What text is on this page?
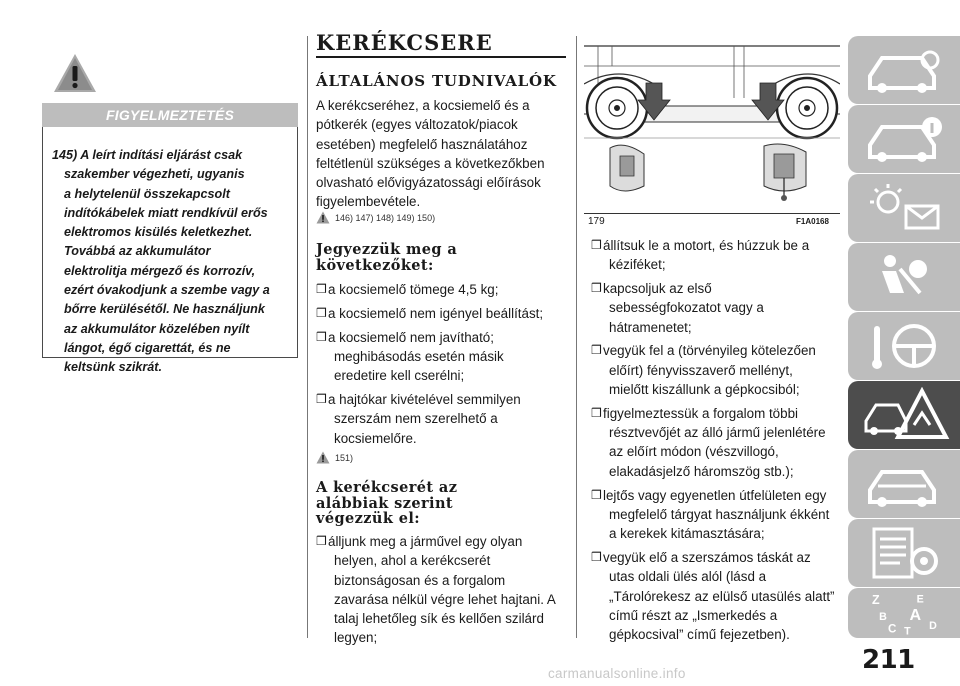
FIGYELMEZTETÉS
145) A leírt indítási eljárást csak
szakember végezheti, ugyanis
a helytelenül összekapcsolt
indítókábelek miatt rendkívül erős
elektromos kisülés keletkezhet.
Továbbá az akkumulátor
elektrolitja mérgező és korrozív,
ezért óvakodjunk a szembe vagy a
bőrre kerülésétől. Ne használjunk
az akkumulátor közelében nyílt
lángot, égő cigarettát, és ne
keltsünk szikrát.
KERÉKCSERE
ÁLTALÁNOS TUDNIVALÓK
A kerékcseréhez, a kocsiemelő és a
pótkerék (egyes változatok/piacok
esetében) megfelelő használatához
feltétlenül szükséges a következőkben
olvasható elővigyázatossági előírások
figyelembevétele.
146) 147) 148) 149) 150)
Jegyezzük meg a
következőket:
❒ a kocsiemelő tömege 4,5 kg;
❒ a kocsiemelő nem igényel beállítást;
❒ a kocsiemelő nem javítható;
meghibásodás esetén másik
eredetire kell cserélni;
❒ a hajtókar kivételével semmilyen
szerszám nem szerelhető a
kocsiemelőre.
151)
A kerékcserét az
alábbiak szerint
végezzük el:
❒ álljunk meg a járművel egy olyan
helyen, ahol a kerékcserét
biztonságosan és a forgalom
zavarása nélkül végre lehet hajtani. A
talaj lehetőleg sík és kellően szilárd
legyen;
179	F1A0168
❒ állítsuk le a motort, és húzzuk be a
kéziféket;
❒ kapcsoljuk az első
sebességfokozatot vagy a
hátramenetet;
❒ vegyük fel a (törvényileg kötelezően
előírt) fényvisszaverő mellényt,
mielőtt kiszállunk a gépkocsiból;
❒ figyelmeztessük a forgalom többi
résztvevőjét az álló jármű jelenlétére
az előírt módon (vészvillogó,
elakadásjelző háromszög stb.);
❒ lejtős vagy egyenetlen útfelületen egy
megfelelő tárgyat használjunk ékként
a kerekek kitámasztására;
❒ vegyük elő a szerszámos táskát az
utas oldali ülés alól (lásd a
„Tárolórekesz az elülső utasülés alatt”
című részt az „Ismerkedés a
gépkocsival” című fejezetben).
Z	E
B A
C T D
211
carmanualsonline.info
